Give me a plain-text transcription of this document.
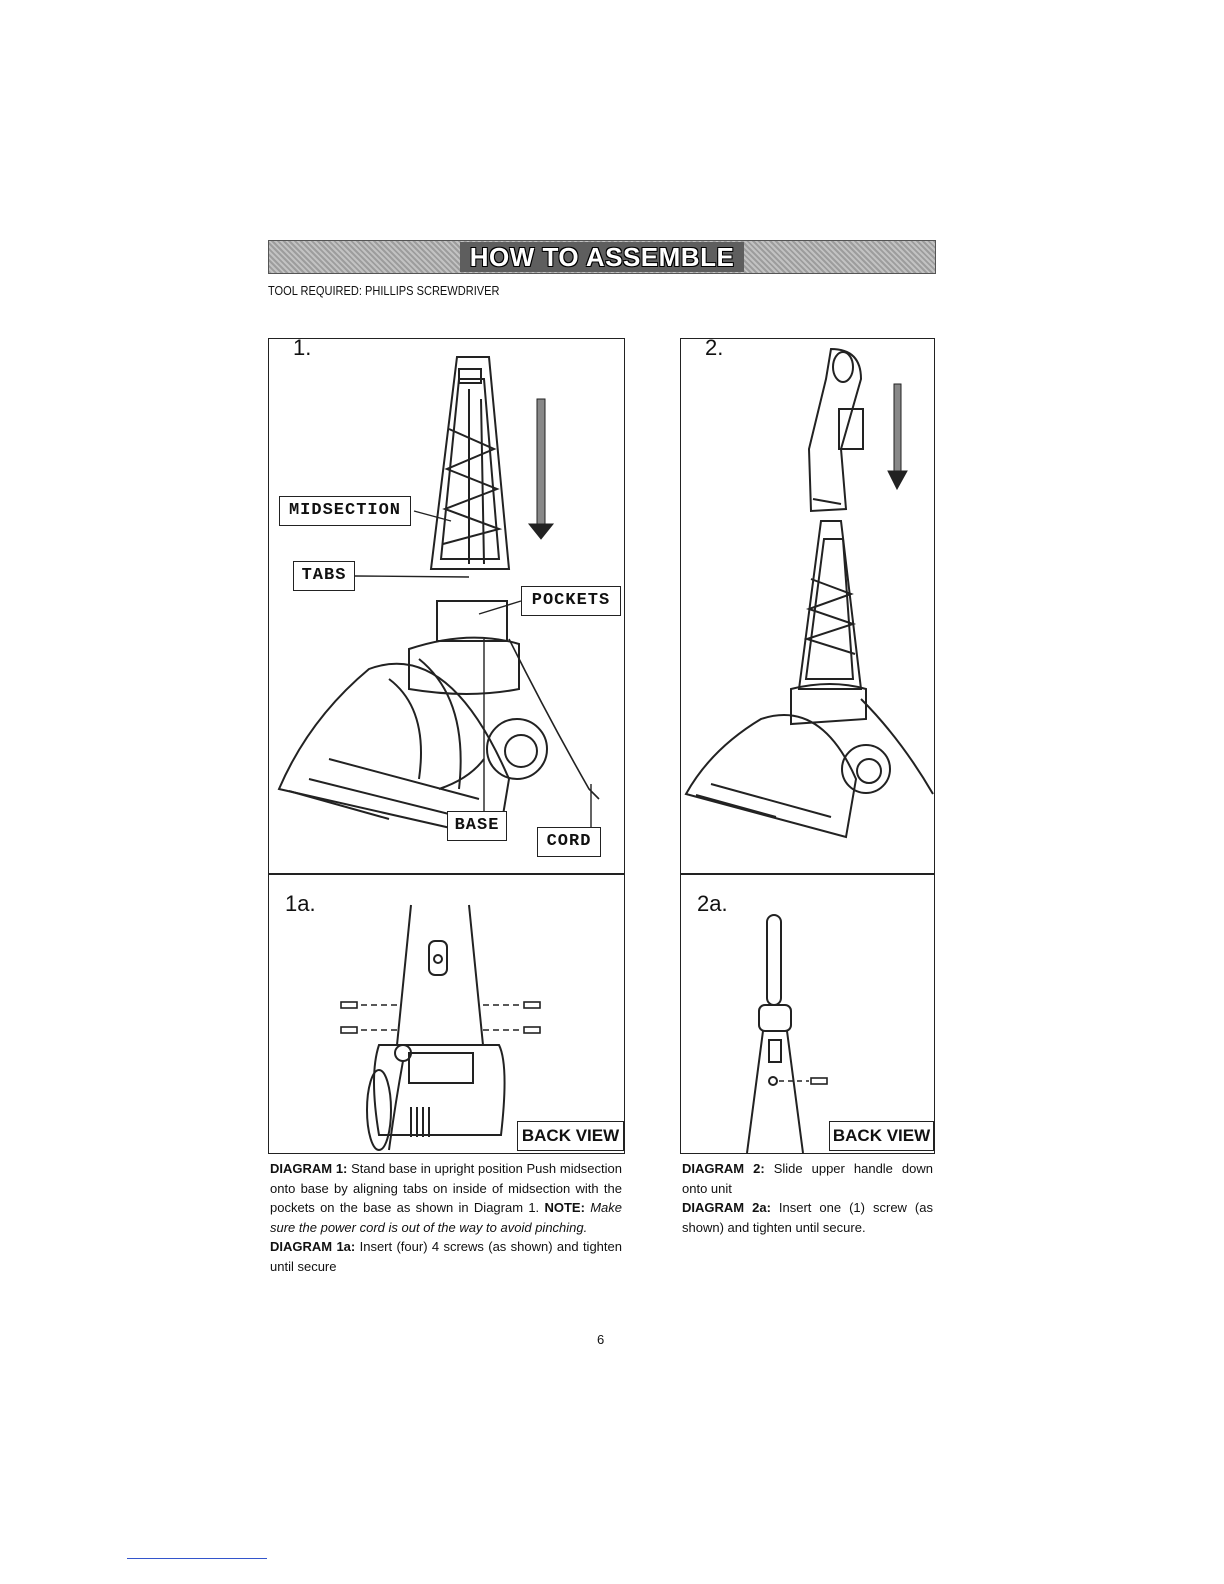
HOW TO ASSEMBLE
TOOL REQUIRED: PHILLIPS SCREWDRIVER
1.
MIDSECTION
TABS
POCKETS
BASE
CORD
2.
1a.
BACK VIEW
2a.
BACK VIEW

DIAGRAM 1: Stand base in upright position Push midsection onto base by aligning tabs on inside of midsection with the pockets on the base as shown in Diagram 1. NOTE: Make sure the power cord is out of the way to avoid pinching.

DIAGRAM 1a: Insert (four) 4 screws (as shown) and tighten until secure

DIAGRAM 2: Slide upper handle down onto unit

DIAGRAM 2a: Insert one (1) screw (as shown) and tighten until secure.

6
